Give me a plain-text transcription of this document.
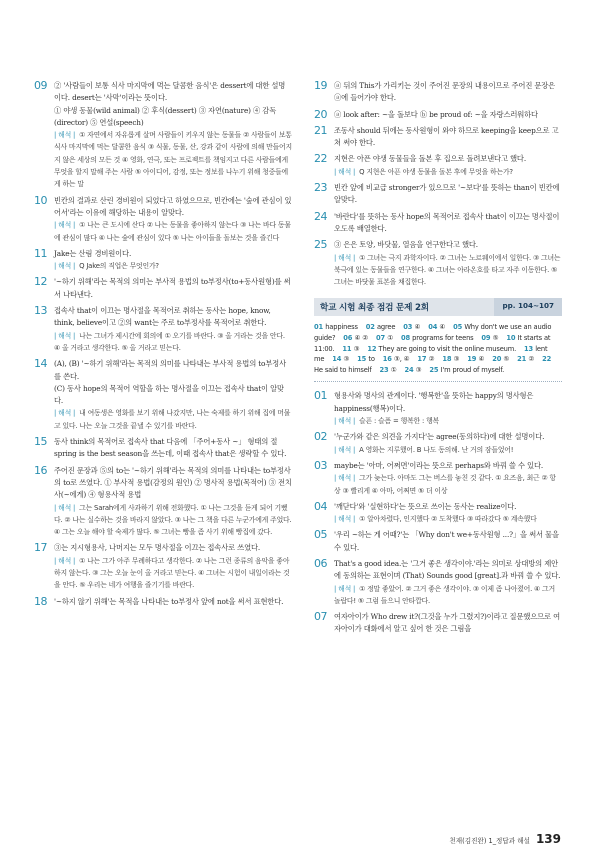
09 ② '사람들이 보통 식사 마지막에 먹는 달콤한 음식'은 dessert에 대한 설명이다. desert는 '사막'이라는 뜻이다.
① 야생 동물(wild animal) ② 후식(dessert) ③ 자연(nature) ④ 감독(director) ⑤ 연설(speech)
| 해석 | ① 자연에서 자유롭게 살며 사람들이 키우지 않는 동물들 ② 사람들이 보통 식사 마지막에 먹는 달콤한 음식 ③ 식물, 동물, 산, 강과 같이 사람에 의해 만들어지지 않은 세상의 모든 것 ④ 영화, 연극, 또는 프로젝트를 책임지고 다른 사람들에게 무엇을 할지 말해 주는 사람 ⑤ 아이디어, 감정, 또는 정보를 나누기 위해 청중들에게 하는 말
10 빈칸의 결과로 산린 경비원이 되었다고 하였으므로, 빈칸에는 '숲에 관심이 있어서'라는 이유에 해당하는 내용이 알맞다.
| 해석 | ① 나는 큰 도시에 산다 ② 나는 동물을 좋아하지 않는다 ③ 나는 바다 동물에 관심이 많다 ④ 나는 숲에 관심이 있다 ⑤ 나는 아이들을 돌보는 것을 즐긴다
11 Jake는 산림 경비원이다.
| 해석 | Q Jake의 직업은 무엇인가?
12 '~하기 위해'라는 목적의 의미는 부사적 용법의 to부정사(to+동사원형)를 써서 나타낸다.
13 접속사 that이 이끄는 명사절을 목적어로 취하는 동사는 hope, know, think, believe이고 ②의 want는 주로 to부정사를 목적어로 취한다.
| 해석 | 나는 그녀가 제시간에 회의에 ① 오기를 바란다. ③ 올 거라는 것을 안다. ④ 올 거라고 생각한다. ⑤ 올 거라고 믿는다.
14 (A), (B) '~하기 위해'라는 목적의 의미를 나타내는 부사적 용법의 to부정사를 쓴다.
(C) 동사 hope의 목적어 역할을 하는 명사절을 이끄는 접속사 that이 알맞다.
| 해석 | 내 여동생은 영화를 보기 위해 나갔지만, 나는 숙제를 하기 위해 집에 머물고 있다. 나는 오늘 그것을 끝낼 수 있기를 바란다.
15 동사 think의 목적어로 접속사 that 다음에 「주어+동사 ~」 형태의 절 spring is the best season을 쓰는데, 이때 접속사 that은 생략할 수 있다.
16 주어진 문장과 ⑤의 to는 '~하기 위해'라는 목적의 의미를 나타내는 to부정사의 to로 쓰였다. ① 부사적 용법(감정의 원인) ② 명사적 용법(목적어) ③ 전치사(~에게) ④ 형용사적 용법
| 해석 | 그는 Sarah에게 사과하기 위해 전화했다. ① 나는 그것을 듣게 되어 기뻤다. ② 나는 실수하는 것을 바라지 않았다. ③ 나는 그 책을 다른 누군가에게 주었다. ④ 그는 오늘 해야 할 숙제가 많다. ⑤ 그녀는 빵을 좀 사기 위해 빵집에 갔다.
17 ③는 지시형용사, 나머지는 모두 명사절을 이끄는 접속사로 쓰였다.
| 해석 | ① 나는 그가 아주 무례하다고 생각한다. ② 나는 그런 종류의 음악을 좋아하지 않는다. ③ 그는 오늘 눈이 올 거라고 믿는다. ④ 그녀는 시험이 내일이라는 것을 안다. ⑤ 우리는 네가 여행을 즐기기를 바란다.
18 '~하지 않기 위해'는 목적을 나타내는 to부정사 앞에 not을 써서 표현한다.
19 ⓐ 뒤의 This가 가리키는 것이 주어진 문장의 내용이므로 주어진 문장은 ⓐ에 들어가야 한다.
20 ⓐ look after: ~을 돌보다 ⓑ be proud of: ~을 자랑스러워하다
21 조동사 should 뒤에는 동사원형이 와야 하므로 keeping을 keep으로 고쳐 써야 한다.
22 지현은 아픈 야생 동물들을 돌본 후 집으로 돌려보낸다고 했다.
| 해석 | Q 지현은 아픈 야생 동물을 돌본 후에 무엇을 하는가?
23 빈칸 앞에 비교급 stronger가 있으므로 '~보다'를 뜻하는 than이 빈칸에 알맞다.
24 '바란다'를 뜻하는 동사 hope의 목적어로 접속사 that이 이끄는 명사절이 오도록 배열한다.
25 ③ 은은 토양, 바닷물, 열음을 연구한다고 했다.
| 해석 | ① 그녀는 극지 과학자이다. ② 그녀는 노르웨이에서 일한다. ③ 그녀는 북극에 있는 동물들을 연구한다. ④ 그녀는 아라온호를 타고 자주 이동한다. ⑤ 그녀는 바닷물 표본을 채집한다.
학교 시험 최종 점검 문제 2회	pp. 104~107
01 happiness    02 agree    03 ④    04 ④    05 Why don't we use an audio guide?    06 ④ ②    07 ①    08 programs for teens    09 ⑤    10 It starts at 11:00.    11 ③    12 They are going to visit the online museum.    13 lent me    14 ③    15 to    16 ③, ④    17 ②    18 ③    19 ④    20 ⑤    21 ②    22 He said to himself    23 ①    24 ③    25 I'm proud of myself.
01 형용사와 명사의 관계이다. '행복한'을 뜻하는 happy의 명사형은 happiness(행복)이다.
| 해석 | 슬픈 : 슬픔 = 행복한 : 행복
02 '누군가와 같은 의견을 가지다'는 agree(동의하다)에 대한 설명이다.
| 해석 | A 영화는 지루했어. B 나도 동의해. 난 거의 잠들었어!
03 maybe는 '아마, 어쩌면'이라는 뜻으로 perhaps와 바꿔 쓸 수 있다.
| 해석 | 그가 늦는다. 아마도 그는 버스를 놓친 것 같다. ① 요즈음, 최근 ② 항상 ③ 빨리게 ④ 아마, 어쩌면 ⑤ 더 이상
04 '깨닫다'와 '실현하다'는 뜻으로 쓰이는 동사는 realize이다.
| 해석 | ① 알아차렸다, 인지했다 ② 도착했다 ③ 따라갔다 ⑤ 계속했다
05 '우리 ~하는 게 어때?'는 「Why don't we+동사원형 ...?」을 써서 물을 수 있다.
06 That's a good idea.는 '그거 좋은 생각이야.'라는 의미로 상대방의 제안에 동의하는 표현이며 (That) Sounds good [great].과 바꿔 쓸 수 있다.
| 해석 | ① 정말 좋았어. ② 그거 좋은 생각이야. ③ 이제 좀 나아졌어. ④ 그거 놀랍다! ⑤ 그럼 들으니 안타깝다.
07 여자아이가 Who drew it?(그것을 누가 그렸지?)이라고 질문했으므로 여자아이가 대화에서 알고 싶어 한 것은 그림을
천재(김진완) 1_정답과 해설 139
